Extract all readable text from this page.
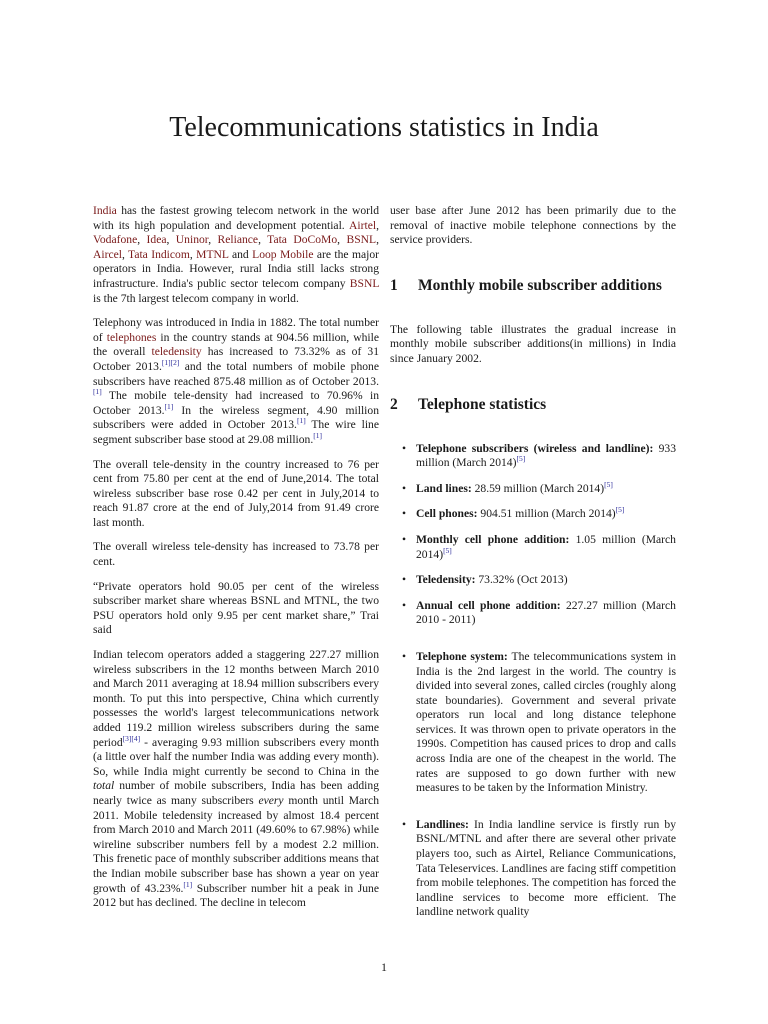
Telecommunications statistics in India

India has the fastest growing telecom network in the world with its high population and development potential. Airtel, Vodafone, Idea, Uninor, Reliance, Tata DoCoMo, BSNL, Aircel, Tata Indicom, MTNL and Loop Mobile are the major operators in India. However, rural India still lacks strong infrastructure. India's public sector telecom company BSNL is the 7th largest telecom company in world.

Telephony was introduced in India in 1882. The total number of telephones in the country stands at 904.56 million, while the overall teledensity has increased to 73.32% as of 31 October 2013.[1][2] and the total numbers of mobile phone subscribers have reached 875.48 million as of October 2013.[1] The mobile tele-density had increased to 70.96% in October 2013.[1] In the wireless segment, 4.90 million subscribers were added in October 2013.[1] The wire line segment subscriber base stood at 29.08 million.[1]

The overall tele-density in the country increased to 76 per cent from 75.80 per cent at the end of June,2014. The total wireless subscriber base rose 0.42 per cent in July,2014 to reach 91.87 crore at the end of July,2014 from 91.49 crore last month.

The overall wireless tele-density has increased to 73.78 per cent.

“Private operators hold 90.05 per cent of the wireless subscriber market share whereas BSNL and MTNL, the two PSU operators hold only 9.95 per cent market share,” Trai said

Indian telecom operators added a staggering 227.27 million wireless subscribers in the 12 months between March 2010 and March 2011 averaging at 18.94 million subscribers every month. To put this into perspective, China which currently possesses the world's largest telecommunications network added 119.2 million wireless subscribers during the same period[3][4] - averaging 9.93 million subscribers every month (a little over half the number India was adding every month). So, while India might currently be second to China in the total number of mobile subscribers, India has been adding nearly twice as many subscribers every month until March 2011. Mobile teledensity increased by almost 18.4 percent from March 2010 and March 2011 (49.60% to 67.98%) while wireline subscriber numbers fell by a modest 2.2 million. This frenetic pace of monthly subscriber additions means that the Indian mobile subscriber base has shown a year on year growth of 43.23%.[1] Subscriber number hit a peak in June 2012 but has declined. The decline in telecom

user base after June 2012 has been primarily due to the removal of inactive mobile telephone connections by the service providers.

1	Monthly mobile subscriber additions

The following table illustrates the gradual increase in monthly mobile subscriber additions(in millions) in India since January 2002.

2	Telephone statistics
• Telephone subscribers (wireless and landline): 933 million (March 2014)[5]
• Land lines: 28.59 million (March 2014)[5]
• Cell phones: 904.51 million (March 2014)[5]
• Monthly cell phone addition: 1.05 million (March 2014)[5]
• Teledensity: 73.32% (Oct 2013)
• Annual cell phone addition: 227.27 million (March 2010 - 2011)
• Telephone system: The telecommunications system in India is the 2nd largest in the world. The country is divided into several zones, called circles (roughly along state boundaries). Government and several private operators run local and long distance telephone services. It was thrown open to private operators in the 1990s. Competition has caused prices to drop and calls across India are one of the cheapest in the world. The rates are supposed to go down further with new measures to be taken by the Information Ministry.
• Landlines: In India landline service is firstly run by BSNL/MTNL and after there are several other private players too, such as Airtel, Reliance Communications, Tata Teleservices. Landlines are facing stiff competition from mobile telephones. The competition has forced the landline services to become more efficient. The landline network quality
1
